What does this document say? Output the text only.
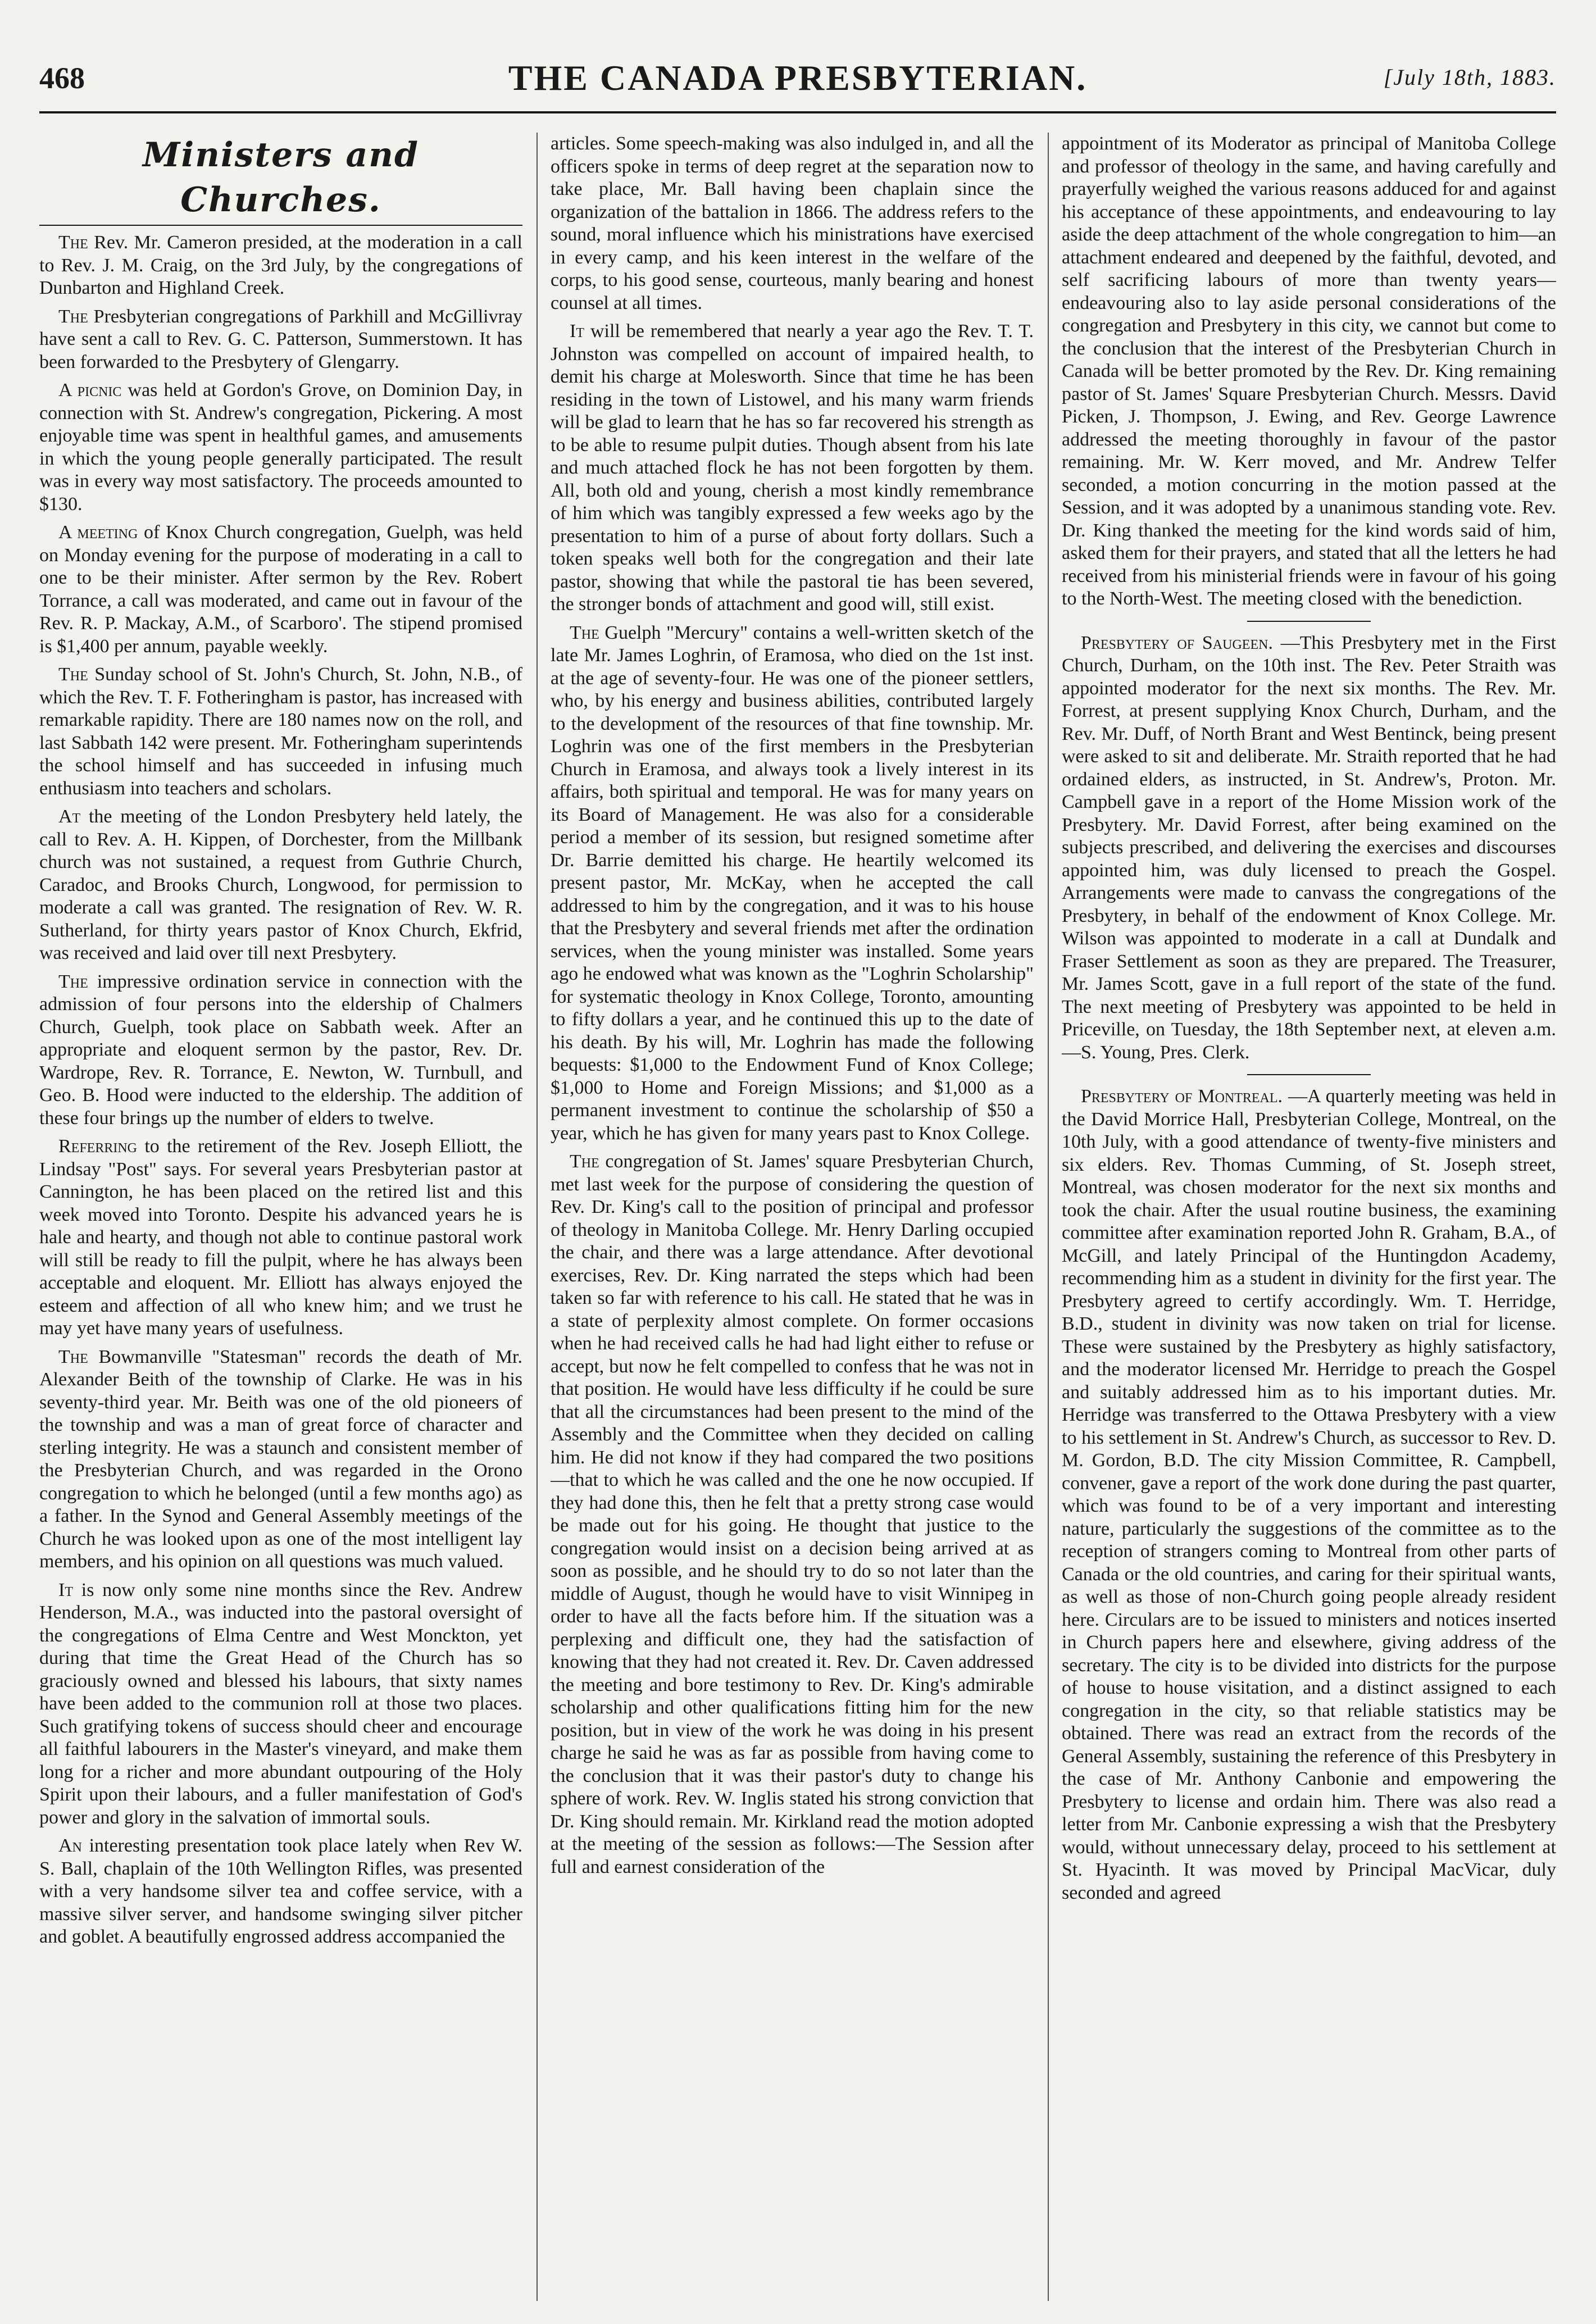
468	THE CANADA PRESBYTERIAN.	[July 18th, 1883.
Ministers and Churches.

The Rev. Mr. Cameron presided, at the moderation in a call to Rev. J. M. Craig, on the 3rd July, by the congregations of Dunbarton and Highland Creek.

The Presbyterian congregations of Parkhill and McGillivray have sent a call to Rev. G. C. Patterson, Summerstown. It has been forwarded to the Presbytery of Glengarry.

A picnic was held at Gordon's Grove, on Dominion Day, in connection with St. Andrew's congregation, Pickering. A most enjoyable time was spent in healthful games, and amusements in which the young people generally participated. The result was in every way most satisfactory. The proceeds amounted to $130.

A meeting of Knox Church congregation, Guelph, was held on Monday evening for the purpose of moderating in a call to one to be their minister. After sermon by the Rev. Robert Torrance, a call was moderated, and came out in favour of the Rev. R. P. Mackay, A.M., of Scarboro'. The stipend promised is $1,400 per annum, payable weekly.

The Sunday school of St. John's Church, St. John, N.B., of which the Rev. T. F. Fotheringham is pastor, has increased with remarkable rapidity. There are 180 names now on the roll, and last Sabbath 142 were present. Mr. Fotheringham superintends the school himself and has succeeded in infusing much enthusiasm into teachers and scholars.

At the meeting of the London Presbytery held lately, the call to Rev. A. H. Kippen, of Dorchester, from the Millbank church was not sustained, a request from Guthrie Church, Caradoc, and Brooks Church, Longwood, for permission to moderate a call was granted. The resignation of Rev. W. R. Sutherland, for thirty years pastor of Knox Church, Ekfrid, was received and laid over till next Presbytery.

The impressive ordination service in connection with the admission of four persons into the eldership of Chalmers Church, Guelph, took place on Sabbath week. After an appropriate and eloquent sermon by the pastor, Rev. Dr. Wardrope, Rev. R. Torrance, E. Newton, W. Turnbull, and Geo. B. Hood were inducted to the eldership. The addition of these four brings up the number of elders to twelve.

Referring to the retirement of the Rev. Joseph Elliott, the Lindsay "Post" says. For several years Presbyterian pastor at Cannington, he has been placed on the retired list and this week moved into Toronto. Despite his advanced years he is hale and hearty, and though not able to continue pastoral work will still be ready to fill the pulpit, where he has always been acceptable and eloquent. Mr. Elliott has always enjoyed the esteem and affection of all who knew him; and we trust he may yet have many years of usefulness.

The Bowmanville "Statesman" records the death of Mr. Alexander Beith of the township of Clarke. He was in his seventy-third year. Mr. Beith was one of the old pioneers of the township and was a man of great force of character and sterling integrity. He was a staunch and consistent member of the Presbyterian Church, and was regarded in the Orono congregation to which he belonged (until a few months ago) as a father. In the Synod and General Assembly meetings of the Church he was looked upon as one of the most intelligent lay members, and his opinion on all questions was much valued.

It is now only some nine months since the Rev. Andrew Henderson, M.A., was inducted into the pastoral oversight of the congregations of Elma Centre and West Monckton, yet during that time the Great Head of the Church has so graciously owned and blessed his labours, that sixty names have been added to the communion roll at those two places. Such gratifying tokens of success should cheer and encourage all faithful labourers in the Master's vineyard, and make them long for a richer and more abundant outpouring of the Holy Spirit upon their labours, and a fuller manifestation of God's power and glory in the salvation of immortal souls.

An interesting presentation took place lately when Rev W. S. Ball, chaplain of the 10th Wellington Rifles, was presented with a very handsome silver tea and coffee service, with a massive silver server, and handsome swinging silver pitcher and goblet. A beautifully engrossed address accompanied the

articles. Some speech-making was also indulged in, and all the officers spoke in terms of deep regret at the separation now to take place, Mr. Ball having been chaplain since the organization of the battalion in 1866. The address refers to the sound, moral influence which his ministrations have exercised in every camp, and his keen interest in the welfare of the corps, to his good sense, courteous, manly bearing and honest counsel at all times.

It will be remembered that nearly a year ago the Rev. T. T. Johnston was compelled on account of impaired health, to demit his charge at Molesworth. Since that time he has been residing in the town of Listowel, and his many warm friends will be glad to learn that he has so far recovered his strength as to be able to resume pulpit duties. Though absent from his late and much attached flock he has not been forgotten by them. All, both old and young, cherish a most kindly remembrance of him which was tangibly expressed a few weeks ago by the presentation to him of a purse of about forty dollars. Such a token speaks well both for the congregation and their late pastor, showing that while the pastoral tie has been severed, the stronger bonds of attachment and good will, still exist.

The Guelph "Mercury" contains a well-written sketch of the late Mr. James Loghrin, of Eramosa, who died on the 1st inst. at the age of seventy-four. He was one of the pioneer settlers, who, by his energy and business abilities, contributed largely to the development of the resources of that fine township. Mr. Loghrin was one of the first members in the Presbyterian Church in Eramosa, and always took a lively interest in its affairs, both spiritual and temporal. He was for many years on its Board of Management. He was also for a considerable period a member of its session, but resigned sometime after Dr. Barrie demitted his charge. He heartily welcomed its present pastor, Mr. McKay, when he accepted the call addressed to him by the congregation, and it was to his house that the Presbytery and several friends met after the ordination services, when the young minister was installed. Some years ago he endowed what was known as the "Loghrin Scholarship" for systematic theology in Knox College, Toronto, amounting to fifty dollars a year, and he continued this up to the date of his death. By his will, Mr. Loghrin has made the following bequests: $1,000 to the Endowment Fund of Knox College; $1,000 to Home and Foreign Missions; and $1,000 as a permanent investment to continue the scholarship of $50 a year, which he has given for many years past to Knox College.

The congregation of St. James' square Presbyterian Church, met last week for the purpose of considering the question of Rev. Dr. King's call to the position of principal and professor of theology in Manitoba College. Mr. Henry Darling occupied the chair, and there was a large attendance. After devotional exercises, Rev. Dr. King narrated the steps which had been taken so far with reference to his call. He stated that he was in a state of perplexity almost complete. On former occasions when he had received calls he had had light either to refuse or accept, but now he felt compelled to confess that he was not in that position. He would have less difficulty if he could be sure that all the circumstances had been present to the mind of the Assembly and the Committee when they decided on calling him. He did not know if they had compared the two positions—that to which he was called and the one he now occupied. If they had done this, then he felt that a pretty strong case would be made out for his going. He thought that justice to the congregation would insist on a decision being arrived at as soon as possible, and he should try to do so not later than the middle of August, though he would have to visit Winnipeg in order to have all the facts before him. If the situation was a perplexing and difficult one, they had the satisfaction of knowing that they had not created it. Rev. Dr. Caven addressed the meeting and bore testimony to Rev. Dr. King's admirable scholarship and other qualifications fitting him for the new position, but in view of the work he was doing in his present charge he said he was as far as possible from having come to the conclusion that it was their pastor's duty to change his sphere of work. Rev. W. Inglis stated his strong conviction that Dr. King should remain. Mr. Kirkland read the motion adopted at the meeting of the session as follows:—The Session after full and earnest consideration of the

appointment of its Moderator as principal of Manitoba College and professor of theology in the same, and having carefully and prayerfully weighed the various reasons adduced for and against his acceptance of these appointments, and endeavouring to lay aside the deep attachment of the whole congregation to him—an attachment endeared and deepened by the faithful, devoted, and self sacrificing labours of more than twenty years—endeavouring also to lay aside personal considerations of the congregation and Presbytery in this city, we cannot but come to the conclusion that the interest of the Presbyterian Church in Canada will be better promoted by the Rev. Dr. King remaining pastor of St. James' Square Presbyterian Church. Messrs. David Picken, J. Thompson, J. Ewing, and Rev. George Lawrence addressed the meeting thoroughly in favour of the pastor remaining. Mr. W. Kerr moved, and Mr. Andrew Telfer seconded, a motion concurring in the motion passed at the Session, and it was adopted by a unanimous standing vote. Rev. Dr. King thanked the meeting for the kind words said of him, asked them for their prayers, and stated that all the letters he had received from his ministerial friends were in favour of his going to the North-West. The meeting closed with the benediction.

Presbytery of Saugeen. —This Presbytery met in the First Church, Durham, on the 10th inst. The Rev. Peter Straith was appointed moderator for the next six months. The Rev. Mr. Forrest, at present supplying Knox Church, Durham, and the Rev. Mr. Duff, of North Brant and West Bentinck, being present were asked to sit and deliberate. Mr. Straith reported that he had ordained elders, as instructed, in St. Andrew's, Proton. Mr. Campbell gave in a report of the Home Mission work of the Presbytery. Mr. David Forrest, after being examined on the subjects prescribed, and delivering the exercises and discourses appointed him, was duly licensed to preach the Gospel. Arrangements were made to canvass the congregations of the Presbytery, in behalf of the endowment of Knox College. Mr. Wilson was appointed to moderate in a call at Dundalk and Fraser Settlement as soon as they are prepared. The Treasurer, Mr. James Scott, gave in a full report of the state of the fund. The next meeting of Presbytery was appointed to be held in Priceville, on Tuesday, the 18th September next, at eleven a.m.—S. Young, Pres. Clerk.

Presbytery of Montreal. —A quarterly meeting was held in the David Morrice Hall, Presbyterian College, Montreal, on the 10th July, with a good attendance of twenty-five ministers and six elders. Rev. Thomas Cumming, of St. Joseph street, Montreal, was chosen moderator for the next six months and took the chair. After the usual routine business, the examining committee after examination reported John R. Graham, B.A., of McGill, and lately Principal of the Huntingdon Academy, recommending him as a student in divinity for the first year. The Presbytery agreed to certify accordingly. Wm. T. Herridge, B.D., student in divinity was now taken on trial for license. These were sustained by the Presbytery as highly satisfactory, and the moderator licensed Mr. Herridge to preach the Gospel and suitably addressed him as to his important duties. Mr. Herridge was transferred to the Ottawa Presbytery with a view to his settlement in St. Andrew's Church, as successor to Rev. D. M. Gordon, B.D. The city Mission Committee, R. Campbell, convener, gave a report of the work done during the past quarter, which was found to be of a very important and interesting nature, particularly the suggestions of the committee as to the reception of strangers coming to Montreal from other parts of Canada or the old countries, and caring for their spiritual wants, as well as those of non-Church going people already resident here. Circulars are to be issued to ministers and notices inserted in Church papers here and elsewhere, giving address of the secretary. The city is to be divided into districts for the purpose of house to house visitation, and a distinct assigned to each congregation in the city, so that reliable statistics may be obtained. There was read an extract from the records of the General Assembly, sustaining the reference of this Presbytery in the case of Mr. Anthony Canbonie and empowering the Presbytery to license and ordain him. There was also read a letter from Mr. Canbonie expressing a wish that the Presbytery would, without unnecessary delay, proceed to his settlement at St. Hyacinth. It was moved by Principal MacVicar, duly seconded and agreed
